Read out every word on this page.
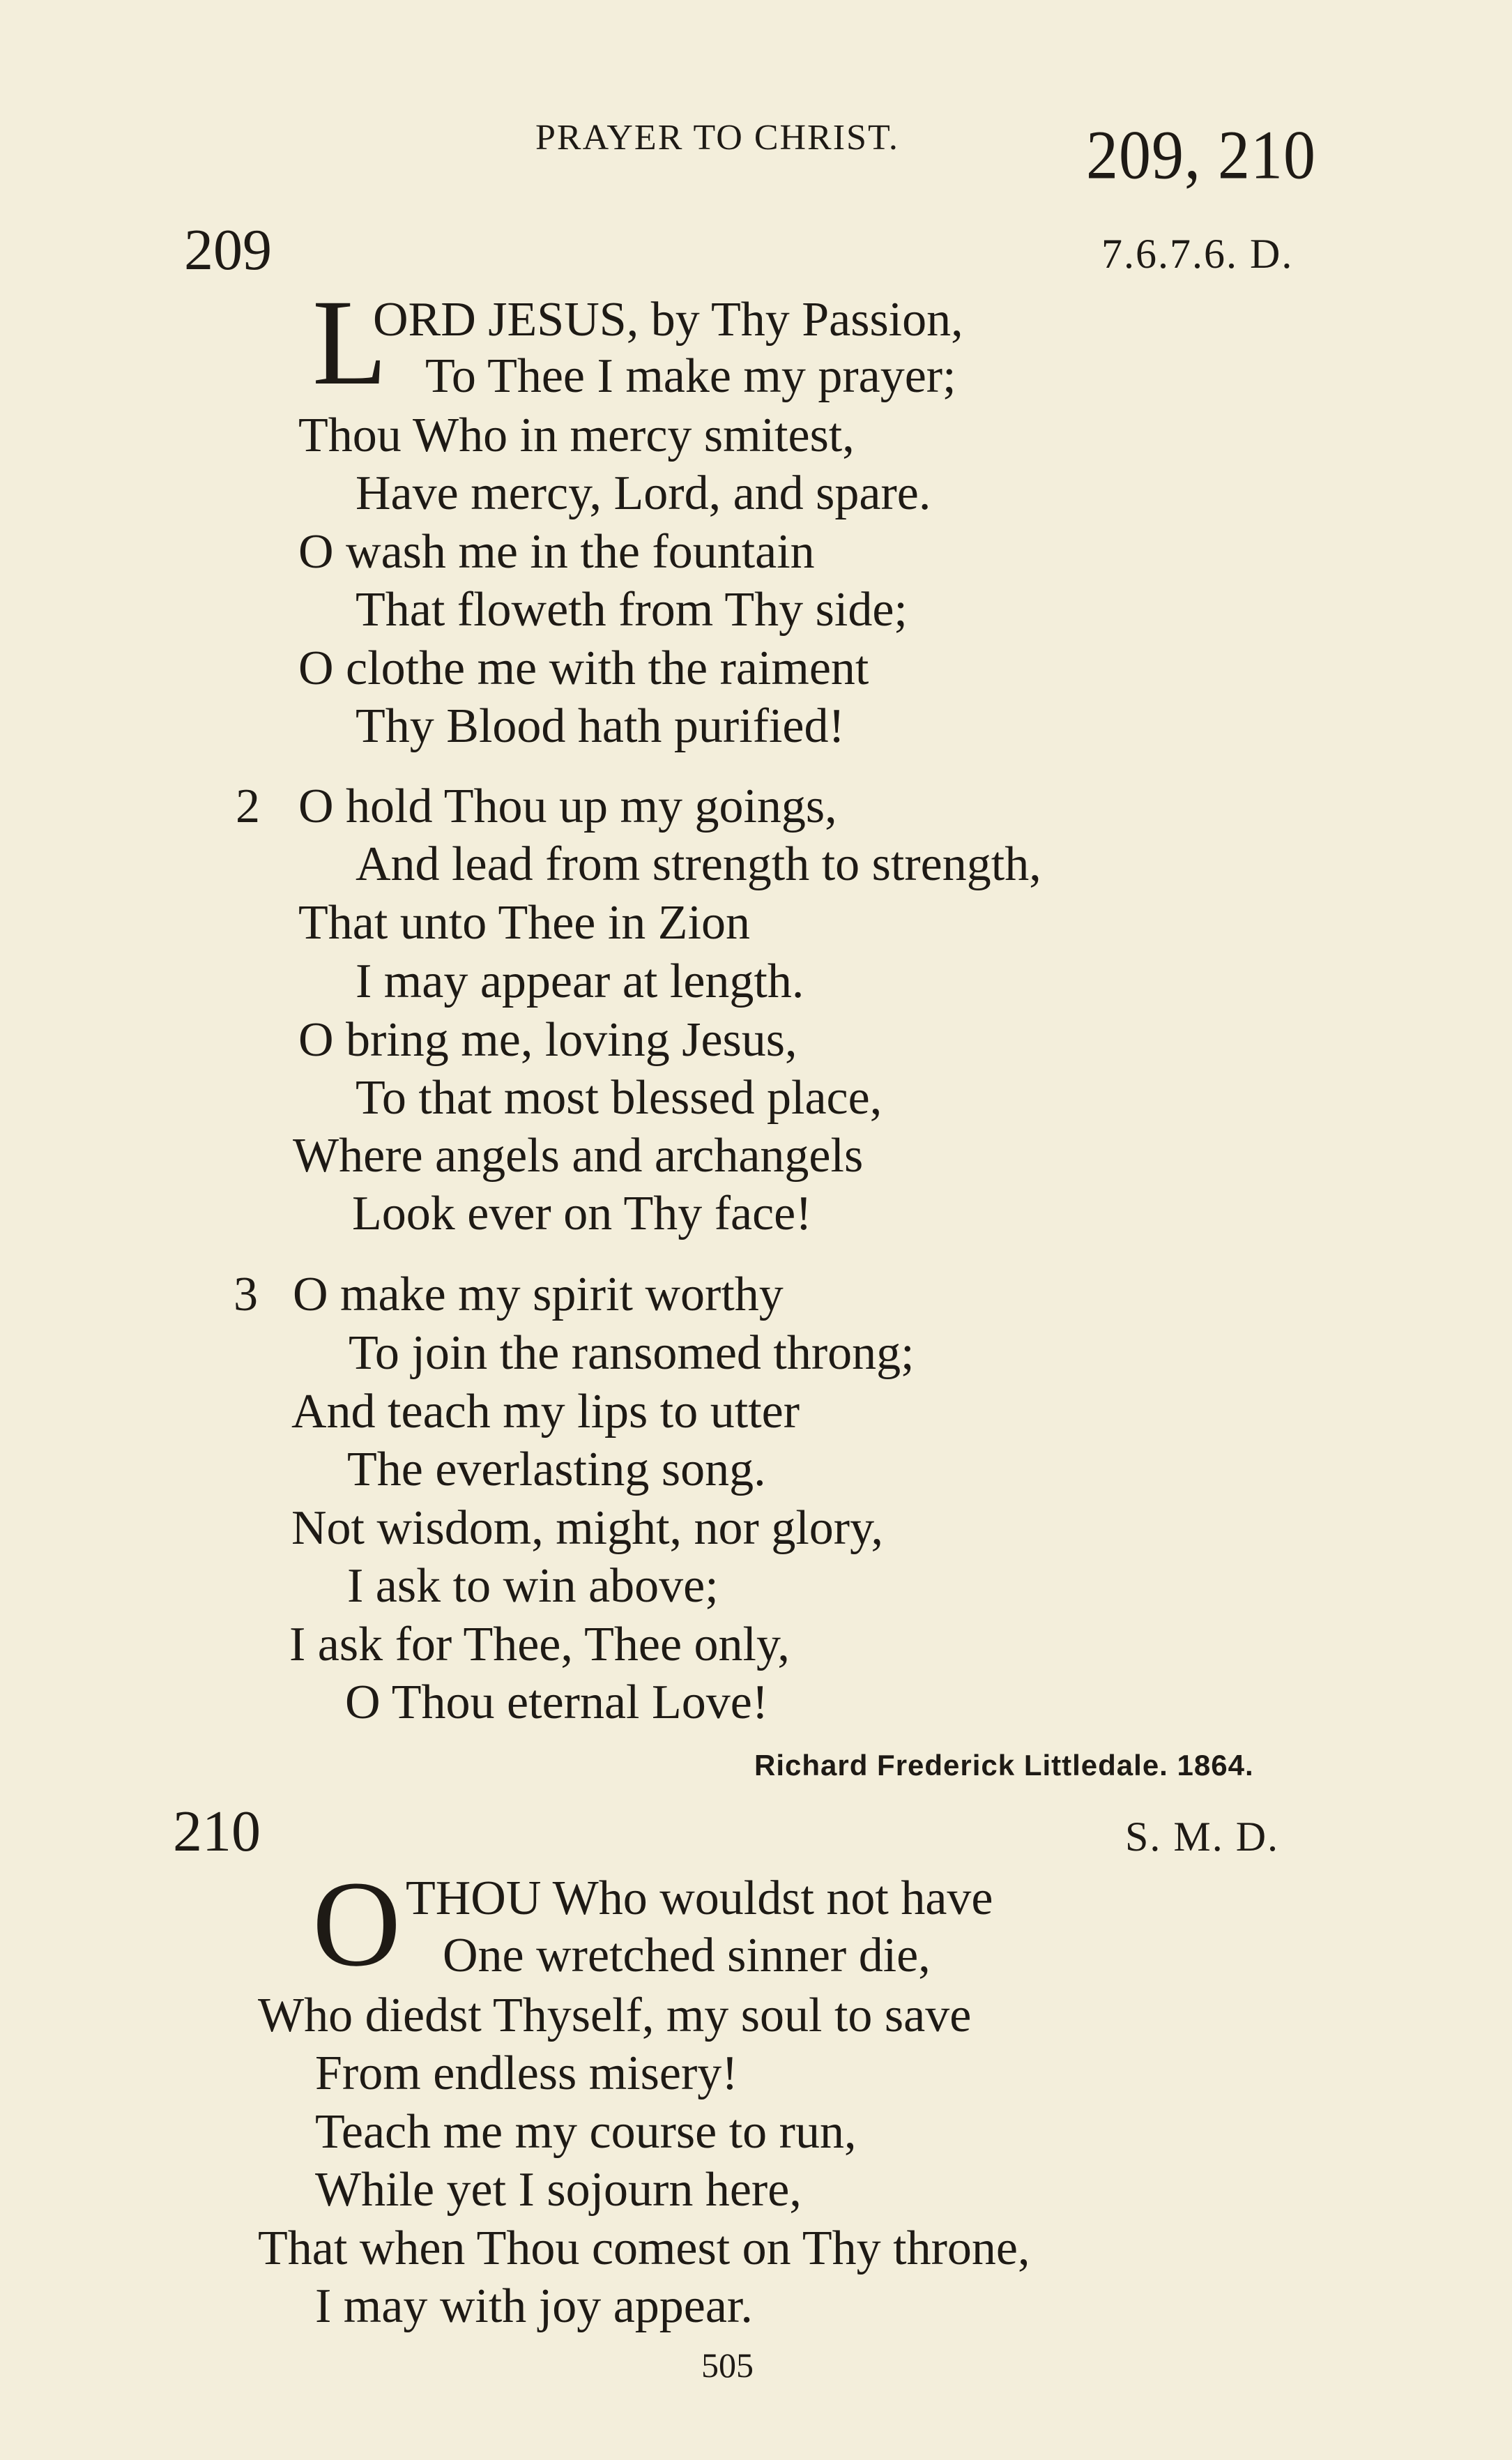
PRAYER TO CHRIST.	209, 210
209	7.6.7.6. D.
L
ORD JESUS, by Thy Passion,
To Thee I make my prayer;
Thou Who in mercy smitest,
Have mercy, Lord, and spare.
O wash me in the fountain
That floweth from Thy side;
O clothe me with the raiment
Thy Blood hath purified!
2 O hold Thou up my goings,
And lead from strength to strength,
That unto Thee in Zion
I may appear at length.
O bring me, loving Jesus,
To that most blessed place,
Where angels and archangels
Look ever on Thy face!
3 O make my spirit worthy
To join the ransomed throng;
And teach my lips to utter
The everlasting song.
Not wisdom, might, nor glory,
I ask to win above;
I ask for Thee, Thee only,
O Thou eternal Love!
Richard Frederick Littledale. 1864.
210	S. M. D.
O THOU Who wouldst not have
One wretched sinner die,
Who diedst Thyself, my soul to save
From endless misery!
Teach me my course to run,
While yet I sojourn here,
That when Thou comest on Thy throne,
I may with joy appear.
505
